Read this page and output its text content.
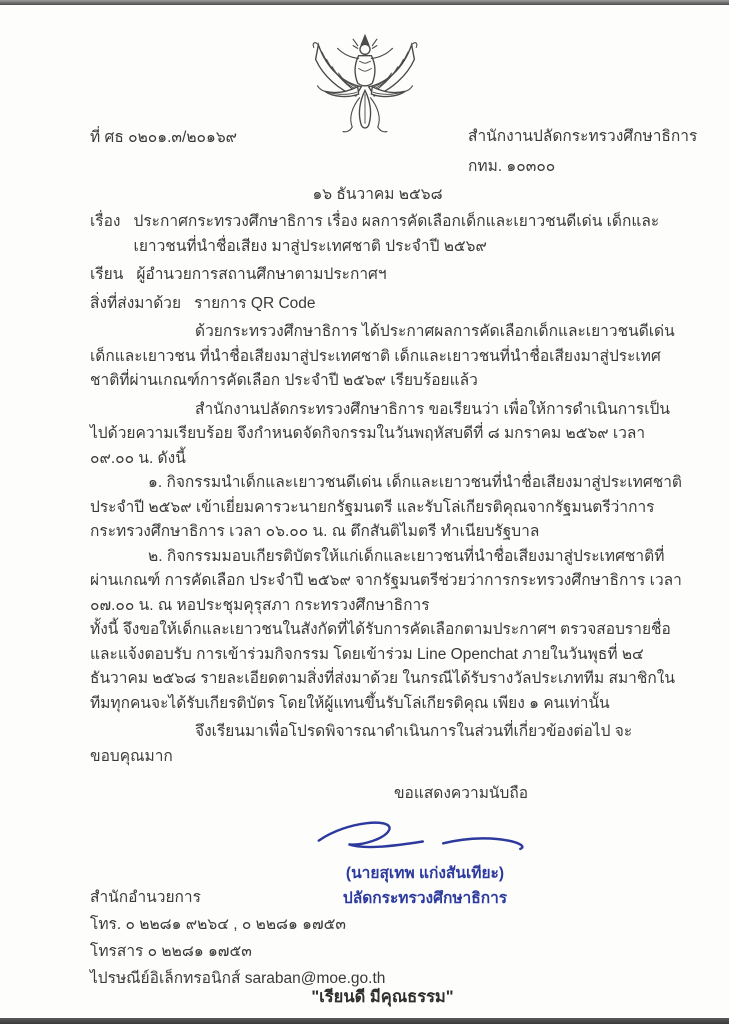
ที่ ศธ ๐๒๐๑.๓/๒๐๑๖๙	สำนักงานปลัดกระทรวงศึกษาธิการ
กทม. ๑๐๓๐๐
๑๖ ธันวาคม ๒๕๖๘
เรื่อง ประกาศกระทรวงศึกษาธิการ เรื่อง ผลการคัดเลือกเด็กและเยาวชนดีเด่น เด็กและเยาวชนที่นำชื่อเสียง มาสู่ประเทศชาติ ประจำปี ๒๕๖๙
เรียน ผู้อำนวยการสถานศึกษาตามประกาศฯ
สิ่งที่ส่งมาด้วย รายการ QR Code

ด้วยกระทรวงศึกษาธิการ ได้ประกาศผลการคัดเลือกเด็กและเยาวชนดีเด่น เด็กและเยาวชน ที่นำชื่อเสียงมาสู่ประเทศชาติ เด็กและเยาวชนที่นำชื่อเสียงมาสู่ประเทศชาติที่ผ่านเกณฑ์การคัดเลือก ประจำปี ๒๕๖๙ เรียบร้อยแล้ว

สำนักงานปลัดกระทรวงศึกษาธิการ ขอเรียนว่า เพื่อให้การดำเนินการเป็นไปด้วยความเรียบร้อย จึงกำหนดจัดกิจกรรมในวันพฤหัสบดีที่ ๘ มกราคม ๒๕๖๙ เวลา ๐๙.๐๐ น. ดังนี้

๑. กิจกรรมนำเด็กและเยาวชนดีเด่น เด็กและเยาวชนที่นำชื่อเสียงมาสู่ประเทศชาติ ประจำปี ๒๕๖๙ เข้าเยี่ยมคารวะนายกรัฐมนตรี และรับโล่เกียรติคุณจากรัฐมนตรีว่าการกระทรวงศึกษาธิการ เวลา ๐๖.๐๐ น. ณ ตึกสันติไมตรี ทำเนียบรัฐบาล

๒. กิจกรรมมอบเกียรติบัตรให้แก่เด็กและเยาวชนที่นำชื่อเสียงมาสู่ประเทศชาติที่ผ่านเกณฑ์ การคัดเลือก ประจำปี ๒๕๖๙ จากรัฐมนตรีช่วยว่าการกระทรวงศึกษาธิการ เวลา ๐๗.๐๐ น. ณ หอประชุมคุรุสภา กระทรวงศึกษาธิการ

ทั้งนี้ จึงขอให้เด็กและเยาวชนในสังกัดที่ได้รับการคัดเลือกตามประกาศฯ ตรวจสอบรายชื่อ และแจ้งตอบรับ การเข้าร่วมกิจกรรม โดยเข้าร่วม Line Openchat ภายในวันพุธที่ ๒๔ ธันวาคม ๒๕๖๘ รายละเอียดตามสิ่งที่ส่งมาด้วย ในกรณีได้รับรางวัลประเภททีม สมาชิกในทีมทุกคนจะได้รับเกียรติบัตร โดยให้ผู้แทนขึ้นรับโล่เกียรติคุณ เพียง ๑ คนเท่านั้น

จึงเรียนมาเพื่อโปรดพิจารณาดำเนินการในส่วนที่เกี่ยวข้องต่อไป จะขอบคุณมาก

ขอแสดงความนับถือ
(นายสุเทพ แก่งสันเทียะ)
ปลัดกระทรวงศึกษาธิการ
สำนักอำนวยการ
โทร. ๐ ๒๒๘๑ ๙๒๖๔ , ๐ ๒๒๘๑ ๑๗๕๓
โทรสาร ๐ ๒๒๘๑ ๑๗๕๓
ไปรษณีย์อิเล็กทรอนิกส์ saraban@moe.go.th
"เรียนดี มีคุณธรรม"
